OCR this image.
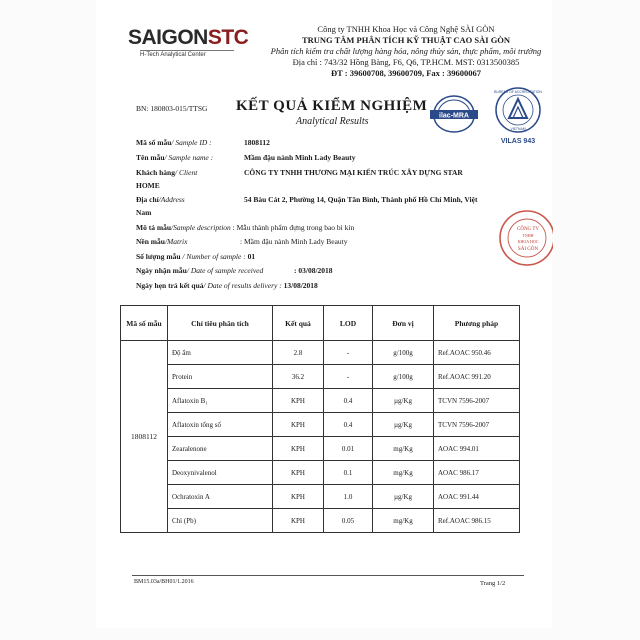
SAIGONSTC
H-Tech Analytical Center
Công ty TNHH Khoa Học và Công Nghệ SÀI GÒN
TRUNG TÂM PHÂN TÍCH KỸ THUẬT CAO SÀI GÒN
Phân tích kiểm tra chất lượng hàng hóa, nông thủy sản, thực phẩm, môi trường
Địa chỉ : 743/32 Hồng Bàng, F6, Q6, TP.HCM. MST: 0313500385
ĐT : 39600708, 39600709, Fax : 39600067
BN: 180803-015/TTSG KẾT QUẢ KIỂM NGHIỆM
Analytical Results	ilac-MRA
BUREAU OF ACCREDITATION
VIETNAM
VILAS 943
CÔNG TY
TNHH
KHOA HỌC
SÀI GÒN
Mã số mẫu/ Sample ID :	1808112
Tên mẫu/ Sample name :	Mầm đậu nành Minh Lady Beauty
Khách hàng/ Client	CÔNG TY TNHH THƯƠNG MẠI KIẾN TRÚC XÂY DỰNG STAR
HOME
Địa chỉ/Address	54 Bàu Cát 2, Phường 14, Quận Tân Bình, Thành phố Hồ Chí Minh, Việt
Nam
Mô tả mẫu/Sample description : Mẫu thành phẩm đựng trong bao bì kín
Nền mẫu/Matrix	: Mầm đậu nành Minh Lady Beauty
Số lượng mẫu / Number of sample : 01
Ngày nhận mẫu/ Date of sample received	: 03/08/2018
Ngày hẹn trả kết quả/ Date of results delivery : 13/08/2018
Mã số mẫu	Chỉ tiêu phân tích	Kết quả	LOD	Đơn vị	Phương pháp
1808112	Độ ẩm	2.8	-	g/100g	Ref.AOAC 950.46
	Protein	36.2	-	g/100g	Ref.AOAC 991.20
	Aflatoxin B₁	KPH	0.4	µg/Kg	TCVN 7596-2007
	Aflatoxin tổng số	KPH	0.4	µg/Kg	TCVN 7596-2007
	Zearalenone	KPH	0.01	mg/Kg	AOAC 994.01
	Deoxynivalenol	KPH	0.1	mg/Kg	AOAC 986.17
	Ochratoxin A	KPH	1.0	µg/Kg	AOAC 991.44
	Chì (Pb)	KPH	0.05	mg/Kg	Ref.AOAC 986.15
BM15.03a/BH01/1.2016	Trang 1/2
